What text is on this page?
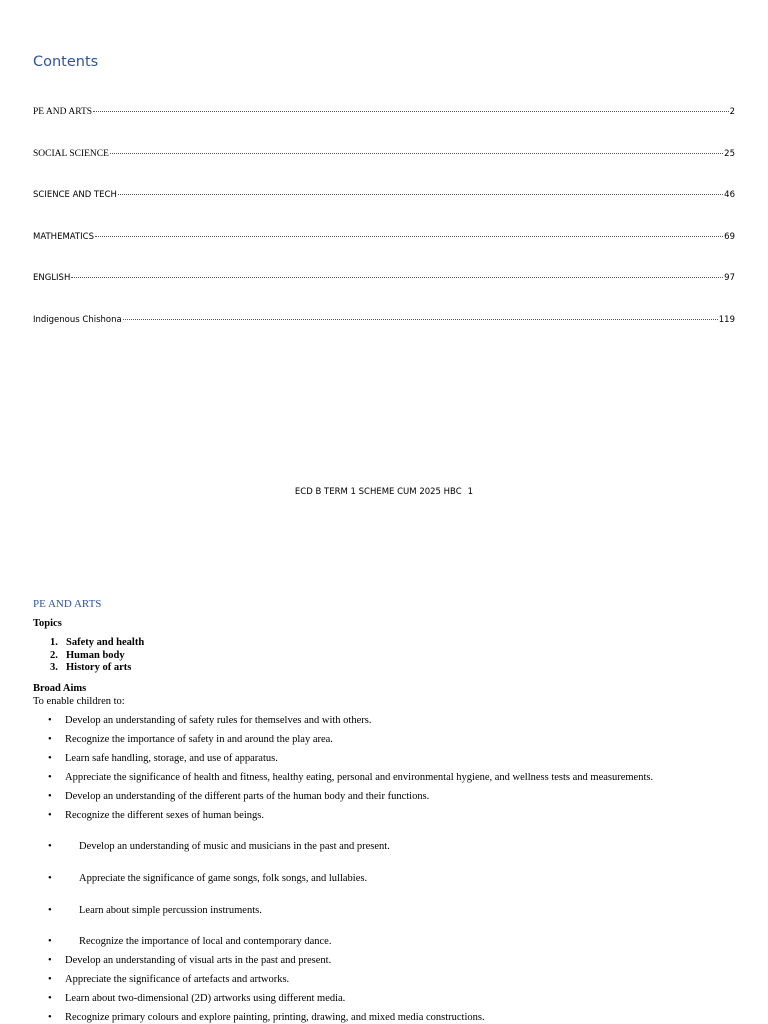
Contents
PE AND ARTS	2
SOCIAL SCIENCE	25
SCIENCE AND TECH	46
MATHEMATICS	69
ENGLISH	97
Indigenous Chishona	119
ECD B TERM 1 SCHEME CUM 2025 HBC 1
PE AND ARTS
Topics
1. Safety and health
2. Human body
3. History of arts
Broad Aims
To enable children to:
•	Develop an understanding of safety rules for themselves and with others.
•	Recognize the importance of safety in and around the play area.
•	Learn safe handling, storage, and use of apparatus.
•	Appreciate the significance of health and fitness, healthy eating, personal and environmental hygiene, and wellness tests and measurements.
•	Develop an understanding of the different parts of the human body and their functions.
•	Recognize the different sexes of human beings.
•	Develop an understanding of music and musicians in the past and present.
•	Appreciate the significance of game songs, folk songs, and lullabies.
•	Learn about simple percussion instruments.
•	Recognize the importance of local and contemporary dance.
•	Develop an understanding of visual arts in the past and present.
•	Appreciate the significance of artefacts and artworks.
•	Learn about two-dimensional (2D) artworks using different media.
•	Recognize primary colours and explore painting, printing, drawing, and mixed media constructions.
